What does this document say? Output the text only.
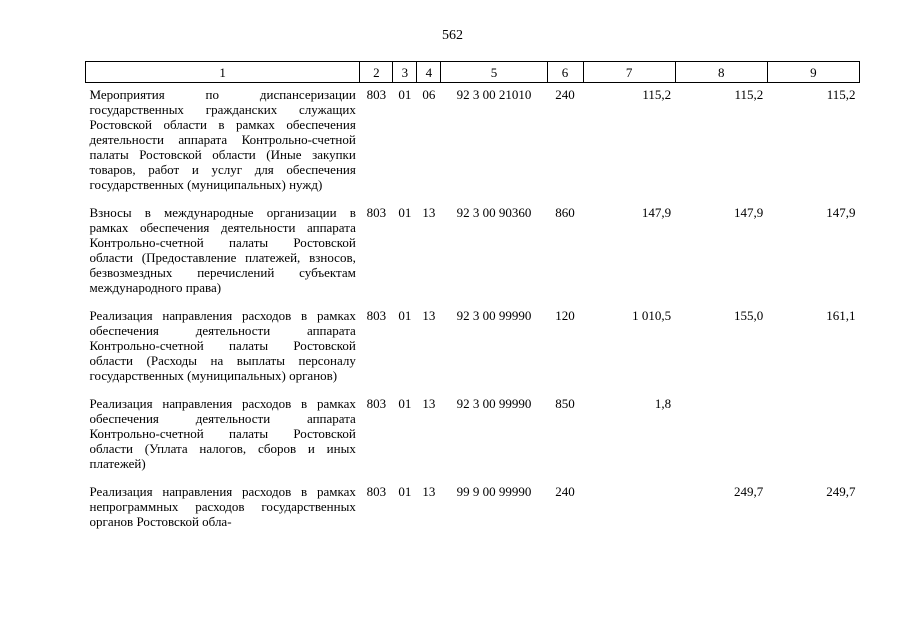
562
1	2	3	4	5	6	7	8	9
Мероприятия по диспансеризации государственных гражданских служащих Ростовской области в рамках обеспечения деятельности аппарата Контрольно-счетной палаты Ростовской области (Иные закупки товаров, работ и услуг для обеспечения государственных (муниципальных) нужд)	803	01	06	92 3 00 21010	240	115,2	115,2	115,2
Взносы в международные организации в рамках обеспечения деятельности аппарата Контрольно-счетной палаты Ростовской области (Предоставление платежей, взносов, безвозмездных перечислений субъектам международного права)	803	01	13	92 3 00 90360	860	147,9	147,9	147,9
Реализация направления расходов в рамках обеспечения деятельности аппарата Контрольно-счетной палаты Ростовской области (Расходы на выплаты персоналу государственных (муниципальных) органов)	803	01	13	92 3 00 99990	120	1 010,5	155,0	161,1
Реализация направления расходов в рамках обеспечения деятельности аппарата Контрольно-счетной палаты Ростовской области (Уплата налогов, сборов и иных платежей)	803	01	13	92 3 00 99990	850	1,8		
Реализация направления расходов в рамках непрограммных расходов государственных органов Ростовской обла-	803	01	13	99 9 00 99990	240		249,7	249,7
